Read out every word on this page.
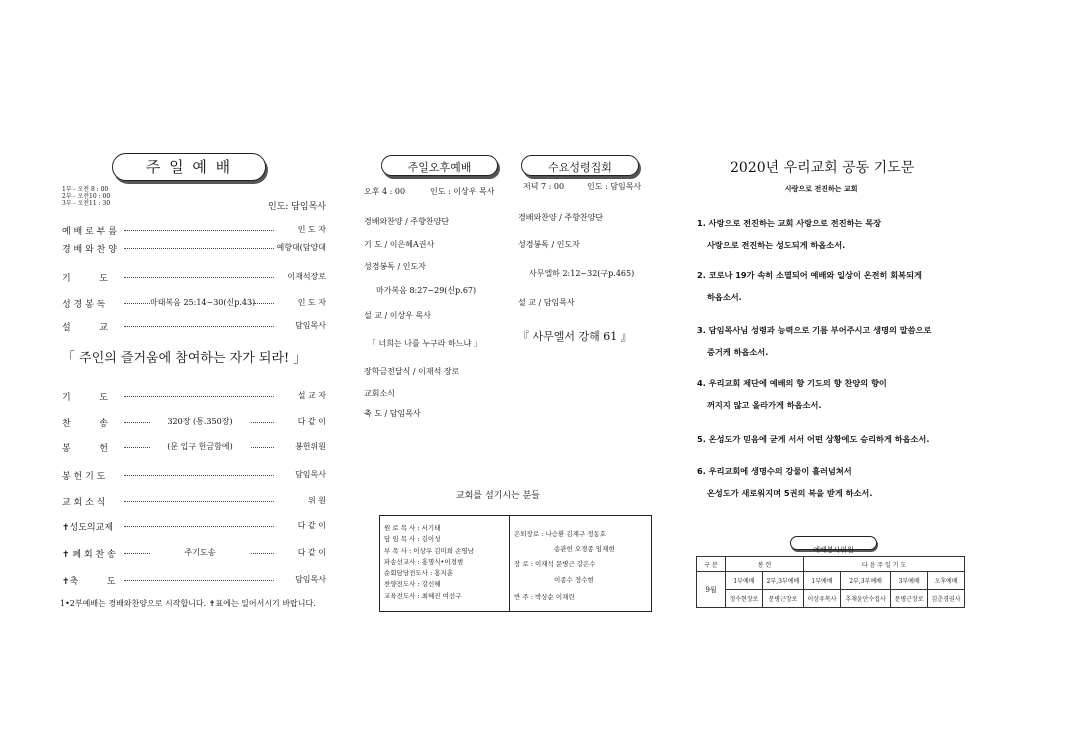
주 일 예 배
1부 - 오전 8 : 00
2부 - 오전10 : 00
3부 - 오전11 : 30	인도: 담임목사
예 배 로 부 름	인 도 자
경 배 와 찬 양	예향대(담양대
기          도	이재석장로
성 경 봉 독	마태복음 25:14~30(신p.43)	인 도 자
설          교	담임목사
「 주인의 즐거움에 참여하는 자가 되라! 」
기          도	설 교 자
찬          송	320장 (통.350장)	다 같 이
봉          헌	(문 입구 헌금함에)	봉헌위원
봉 헌 기 도	담임목사
교 회 소 식	위 원
✝성도의교제	다 같 이
✝ 폐 회 찬 송	주기도송	다 같 이
✝축          도	담임목사
1•2부예배는 경배와찬양으로 시작합니다. ✝표에는 일어서시기 바랍니다.
주일오후예배	수요성령집회
오후 4 : 00	인도 : 이상우 목사
경배와찬양 / 주향찬양단
기 도 / 이은혜A권사
성경봉독 / 인도자
마가복음 8:27~29(신p.67)
설 교 / 이상우 목사
「 너희는 나를 누구라 하느냐 」
장학금전달식 / 이재석 장로
교회소식
축 도 / 담임목사
저녁 7 : 00	인도 : 담임목사
경배와찬양 / 주향찬양단
성경봉독 / 인도자
사무엘하 2:12~32(구p.465)
설 교 / 담임목사
『 사무엘서 강해 61 』
교회를 섬기시는 분들
원 로 목 사 : 서기태
담 임 목 사 : 김이성
부 목 사 : 이상우 김미희 손영남
파송선교사 : 홍명식•이경범
순회담당전도사 : 홍지훈
찬양전도사 : 강신혜
교육전도사 : 최혜진 여선구
은퇴장로 : 나승환 김재구 정동호
송관헌 오경종 임재현
장 로 : 이재석 문병근 강은수
이종수 정수현
반 주 : 박상순 이채린
2020년 우리교회 공동 기도문
사랑으로 전진하는 교회
1. 사랑으로 전진하는 교회 사랑으로 전진하는 목장
사랑으로 전진하는 성도되게 하옵소서.
2. 코로나 19가 속히 소멸되어 예배와 일상이 온전히 회복되게
하옵소서.
3. 담임목사님 성령과 능력으로 기름 부어주시고 생명의 말씀으로
증거케 하옵소서.
4. 우리교회 제단에 예배의 향 기도의 향 찬양의 향이
꺼지지 않고 올라가게 하옵소서.
5. 온성도가 믿음에 굳게 서서 어떤 상황에도 승리하게 하옵소서.
6. 우리교회에 생명수의 강물이 흘러넘쳐서
온성도가 새로워지며 5권의 복을 받게 하소서.
예배봉사위원
구 분	봉 헌		다 음 주 일 기 도			
9월	1부예배	2부,3부예배	1부예배	2부,3부예배	3부예배	오후예배
	정수현장로	문병근장로	이상우목사	추재윤안수집사	문병근장로	김춘경권사
